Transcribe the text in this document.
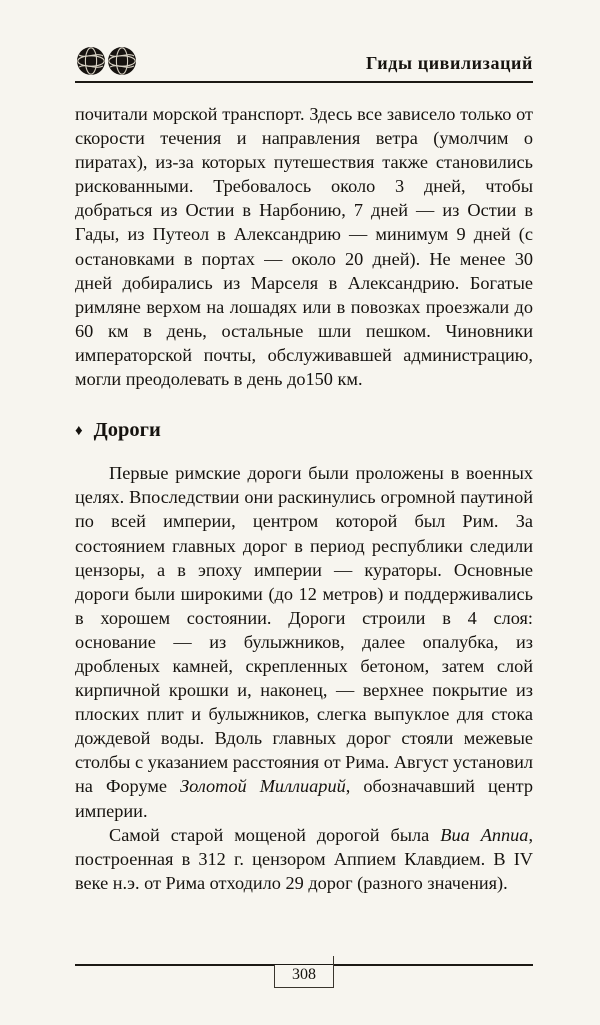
Гиды цивилизаций

почитали морской транспорт. Здесь все зависело только от скорости течения и направления ветра (умолчим о пиратах), из-за которых путешествия также становились рискованными. Требовалось около 3 дней, чтобы добраться из Остии в Нарбонию, 7 дней — из Остии в Гады, из Путеол в Александрию — минимум 9 дней (с остановками в портах — около 20 дней). Не менее 30 дней добирались из Марселя в Александрию. Богатые римляне верхом на лошадях или в повозках проезжали до 60 км в день, остальные шли пешком. Чиновники императорской почты, обслуживавшей администрацию, могли преодолевать в день до150 км.

♦ Дороги

Первые римские дороги были проложены в военных целях. Впоследствии они раскинулись огромной паутиной по всей империи, центром которой был Рим. За состоянием главных дорог в период республики следили цензоры, а в эпоху империи — кураторы. Основные дороги были широкими (до 12 метров) и поддерживались в хорошем состоянии. Дороги строили в 4 слоя: основание — из булыжников, далее опалубка, из дробленых камней, скрепленных бетоном, затем слой кирпичной крошки и, наконец, — верхнее покрытие из плоских плит и булыжников, слегка выпуклое для стока дождевой воды. Вдоль главных дорог стояли межевые столбы с указанием расстояния от Рима. Август установил на Форуме Золотой Миллиарий, обозначавший центр империи.

Самой старой мощеной дорогой была Виа Аппиа, построенная в 312 г. цензором Аппием Клавдием. В IV веке н.э. от Рима отходило 29 дорог (разного значения).

308
